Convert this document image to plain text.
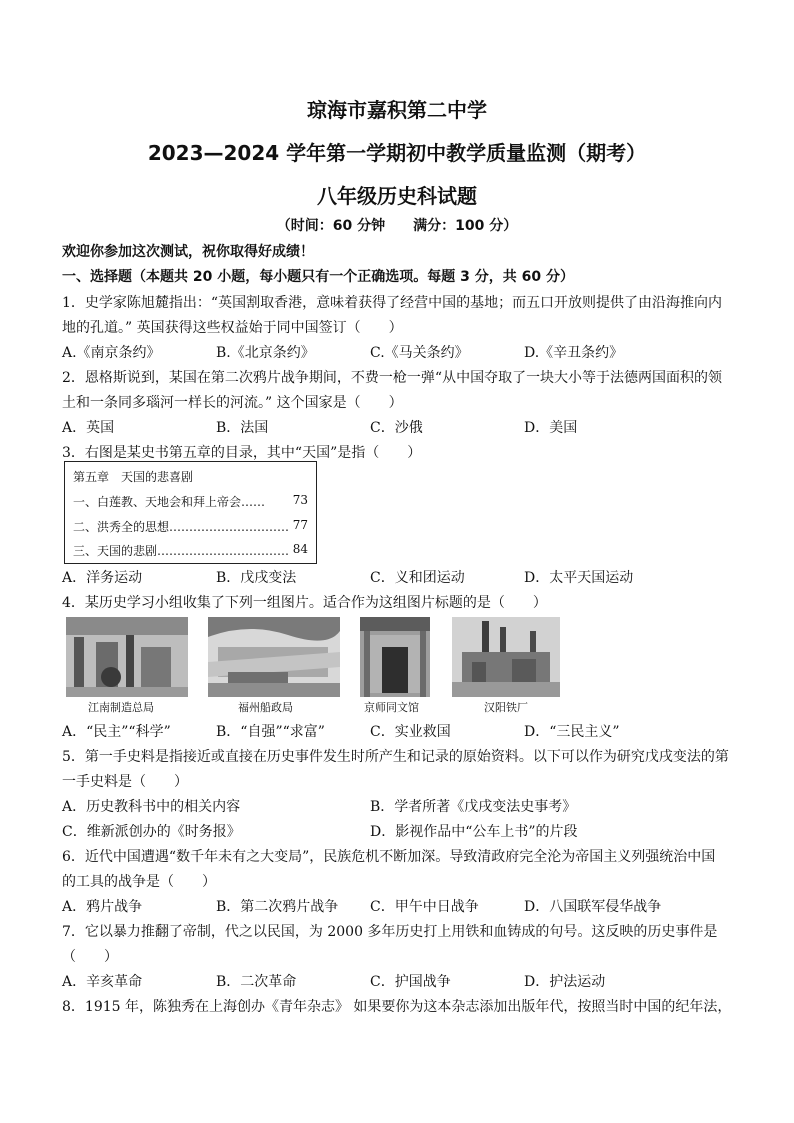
琼海市嘉积第二中学
2023—2024 学年第一学期初中教学质量监测（期考）
八年级历史科试题
（时间：60 分钟　　满分：100 分）
欢迎你参加这次测试，祝你取得好成绩！
一、选择题（本题共 20 小题，每小题只有一个正确选项。每题 3 分，共 60 分）
1．史学家陈旭麓指出：“英国割取香港，意味着获得了经营中国的基地；而五口开放则提供了由沿海推向内
地的孔道。” 英国获得这些权益始于同中国签订（　　）
A.《南京条约》	B.《北京条约》	C.《马关条约》	D.《辛丑条约》
2．恩格斯说到，某国在第二次鸦片战争期间，不费一枪一弹“从中国夺取了一块大小等于法德两国面积的领
土和一条同多瑙河一样长的河流。” 这个国家是（　　）
A．英国	B．法国	C．沙俄	D．美国
3．右图是某史书第五章的目录，其中“天国”是指（　　）
第五章　天国的悲喜剧
一、白莲教、天地会和拜上帝会…… 73
二、洪秀全的思想………………………… 77
三、天国的悲剧…………………………… 84
A．洋务运动	B．戊戌变法	C．义和团运动	D．太平天国运动
4．某历史学习小组收集了下列一组图片。适合作为这组图片标题的是（　　）
江南制造总局	福州船政局	京师同文馆	汉阳铁厂
A．“民主”“科学”	B．“自强”“求富”	C．实业救国	D．“三民主义”
5．第一手史料是指接近或直接在历史事件发生时所产生和记录的原始资料。以下可以作为研究戊戌变法的第
一手史料是（　　）
A．历史教科书中的相关内容	B．学者所著《戊戌变法史事考》
C．维新派创办的《时务报》	D．影视作品中“公车上书”的片段
6．近代中国遭遇“数千年未有之大变局”，民族危机不断加深。导致清政府完全沦为帝国主义列强统治中国
的工具的战争是（　　）
A．鸦片战争	B．第二次鸦片战争 C．甲午中日战争	D．八国联军侵华战争
7．它以暴力推翻了帝制，代之以民国，为 2000 多年历史打上用铁和血铸成的句号。这反映的历史事件是
（　　）
A．辛亥革命	B．二次革命	C．护国战争	D．护法运动
8．1915 年，陈独秀在上海创办《青年杂志》 如果要你为这本杂志添加出版年代，按照当时中国的纪年法，
